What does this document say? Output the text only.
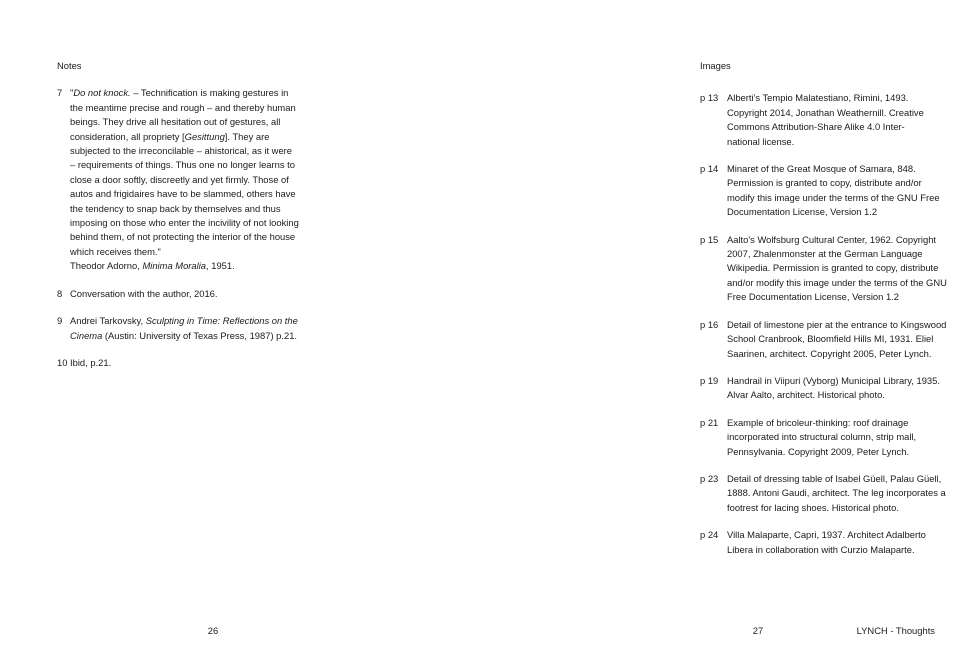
Notes
7 "Do not knock. – Technification is making gestures in
the meantime precise and rough – and thereby human
beings. They drive all hesitation out of gestures, all
consideration, all propriety [Gesittung]. They are
subjected to the irreconcilable – ahistorical, as it were
– requirements of things. Thus one no longer learns to
close a door softly, discreetly and yet firmly. Those of
autos and frigidaires have to be slammed, others have
the tendency to snap back by themselves and thus
imposing on those who enter the incivility of not looking
behind them, of not protecting the interior of the house
which receives them."
Theodor Adorno, Minima Moralia, 1951.
8 Conversation with the author, 2016.
9 Andrei Tarkovsky, Sculpting in Time: Reflections on the
Cinema (Austin: University of Texas Press, 1987) p.21.
10 Ibid, p.21.
Images
p 13 Alberti's Tempio Malatestiano, Rimini, 1493.
Copyright 2014, Jonathan Weathernill. Creative
Commons Attribution-Share Alike 4.0 Inter-
national license.
p 14 Minaret of the Great Mosque of Samara, 848.
Permission is granted to copy, distribute and/or
modify this image under the terms of the GNU Free
Documentation License, Version 1.2
p 15 Aalto's Wolfsburg Cultural Center, 1962. Copyright
2007, Zhalenmonster at the German Language
Wikipedia. Permission is granted to copy, distribute
and/or modify this image under the terms of the GNU
Free Documentation License, Version 1.2
p 16 Detail of limestone pier at the entrance to Kingswood
School Cranbrook, Bloomfield Hills MI, 1931. Eliel
Saarinen, architect. Copyright 2005, Peter Lynch.
p 19 Handrail in Viipuri (Vyborg) Municipal Library, 1935.
Alvar Aalto, architect. Historical photo.
p 21 Example of bricoleur-thinking: roof drainage
incorporated into structural column, strip mall,
Pennsylvania. Copyright 2009, Peter Lynch.
p 23 Detail of dressing table of Isabel Güell, Palau Güell,
1888. Antoni Gaudi, architect. The leg incorporates a
footrest for lacing shoes. Historical photo.
p 24 Villa Malaparte, Capri, 1937. Architect Adalberto
Libera in collaboration with Curzio Malaparte.
26	27	LYNCH - Thoughts
